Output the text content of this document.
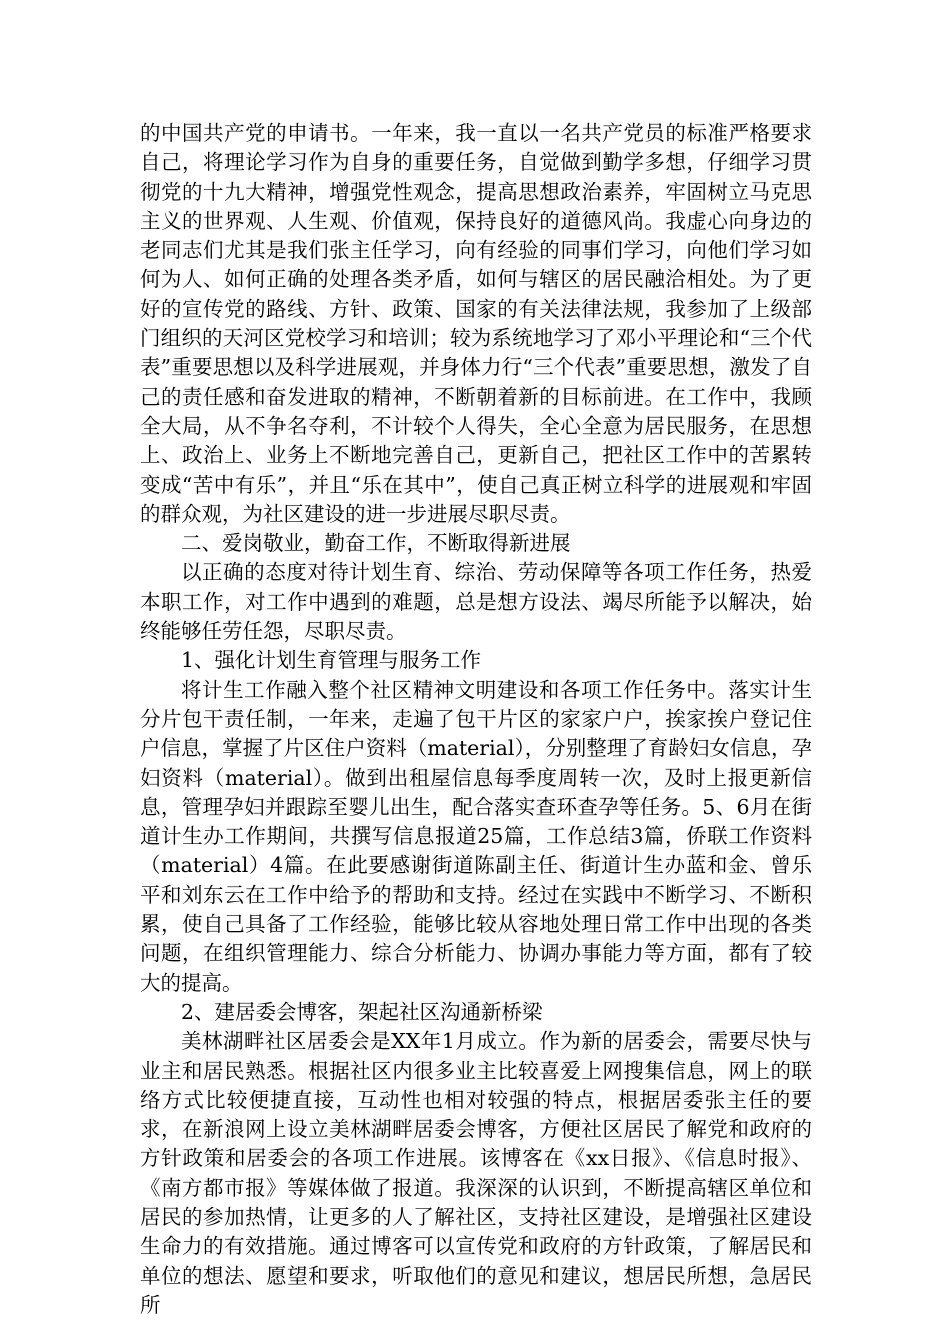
的中国共产党的申请书。一年来，我一直以一名共产党员的标准严格要求自己，将理论学习作为自身的重要任务，自觉做到勤学多想，仔细学习贯彻党的十九大精神，增强党性观念，提高思想政治素养，牢固树立马克思主义的世界观、人生观、价值观，保持良好的道德风尚。我虚心向身边的老同志们尤其是我们张主任学习，向有经验的同事们学习，向他们学习如何为人、如何正确的处理各类矛盾，如何与辖区的居民融洽相处。为了更好的宣传党的路线、方针、政策、国家的有关法律法规，我参加了上级部门组织的天河区党校学习和培训；较为系统地学习了邓小平理论和“三个代表”重要思想以及科学进展观，并身体力行“三个代表”重要思想，激发了自己的责任感和奋发进取的精神，不断朝着新的目标前进。在工作中，我顾全大局，从不争名夺利，不计较个人得失，全心全意为居民服务，在思想上、政治上、业务上不断地完善自己，更新自己，把社区工作中的苦累转变成“苦中有乐”，并且“乐在其中”，使自己真正树立科学的进展观和牢固的群众观，为社区建设的进一步进展尽职尽责。

二、爱岗敬业，勤奋工作，不断取得新进展

以正确的态度对待计划生育、综治、劳动保障等各项工作任务，热爱本职工作，对工作中遇到的难题，总是想方设法、竭尽所能予以解决，始终能够任劳任怨，尽职尽责。

1、强化计划生育管理与服务工作

将计生工作融入整个社区精神文明建设和各项工作任务中。落实计生分片包干责任制，一年来，走遍了包干片区的家家户户，挨家挨户登记住户信息，掌握了片区住户资料（material），分别整理了育龄妇女信息，孕妇资料（material）。做到出租屋信息每季度周转一次，及时上报更新信息，管理孕妇并跟踪至婴儿出生，配合落实查环查孕等任务。5、6月在街道计生办工作期间，共撰写信息报道25篇，工作总结3篇，侨联工作资料（material）4篇。在此要感谢街道陈副主任、街道计生办蓝和金、曾乐平和刘东云在工作中给予的帮助和支持。经过在实践中不断学习、不断积累，使自己具备了工作经验，能够比较从容地处理日常工作中出现的各类问题，在组织管理能力、综合分析能力、协调办事能力等方面，都有了较大的提高。

2、建居委会博客，架起社区沟通新桥梁

美林湖畔社区居委会是XX年1月成立。作为新的居委会，需要尽快与业主和居民熟悉。根据社区内很多业主比较喜爱上网搜集信息，网上的联络方式比较便捷直接，互动性也相对较强的特点，根据居委张主任的要求，在新浪网上设立美林湖畔居委会博客，方便社区居民了解党和政府的方针政策和居委会的各项工作进展。该博客在《xx日报》、《信息时报》、《南方都市报》等媒体做了报道。我深深的认识到，不断提高辖区单位和居民的参加热情，让更多的人了解社区，支持社区建设，是增强社区建设生命力的有效措施。通过博客可以宣传党和政府的方针政策，了解居民和单位的想法、愿望和要求，听取他们的意见和建议，想居民所想，急居民所
